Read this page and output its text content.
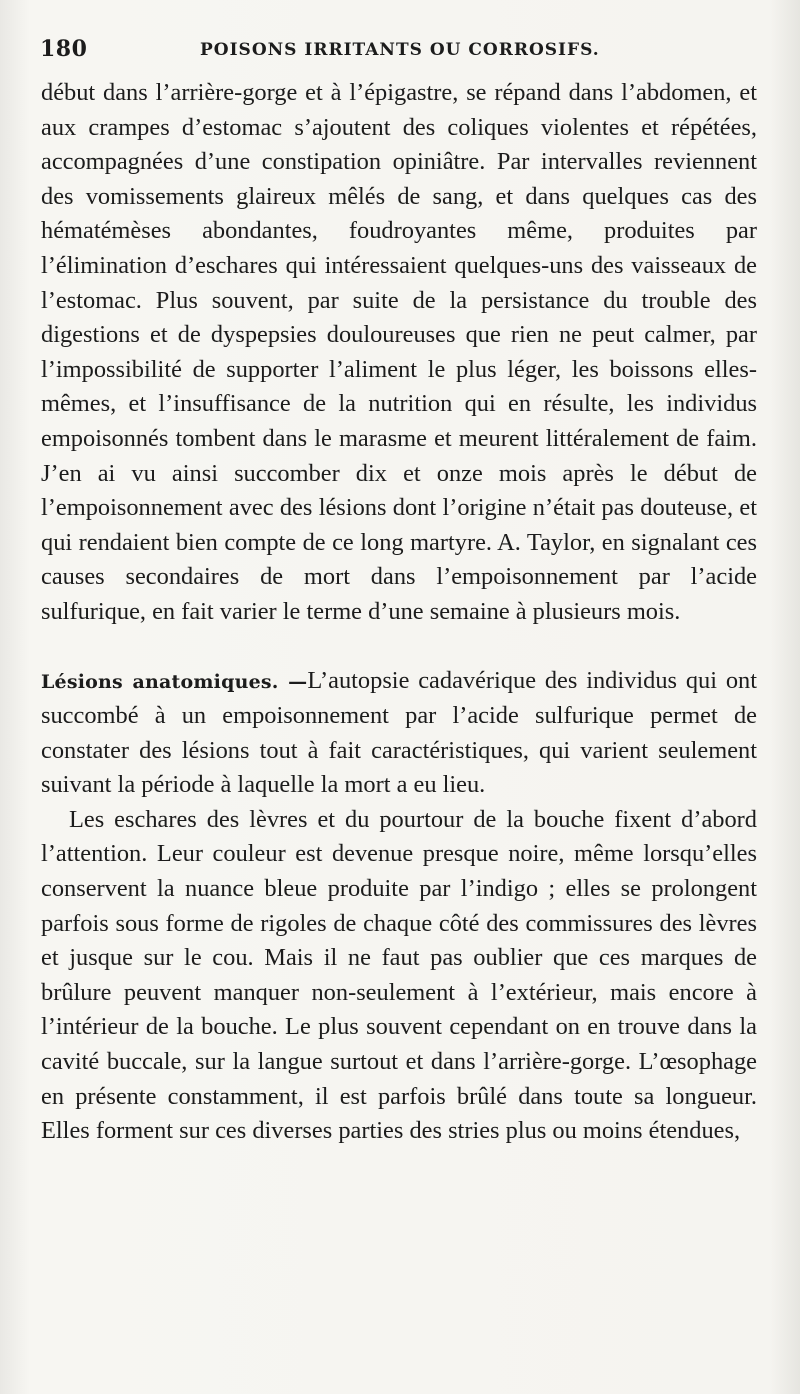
180	POISONS IRRITANTS OU CORROSIFS.

début dans l’arrière-gorge et à l’épigastre, se répand dans l’abdomen, et aux crampes d’estomac s’ajoutent des coliques violentes et répétées, accompagnées d’une constipation opiniâtre. Par intervalles reviennent des vomissements glaireux mêlés de sang, et dans quelques cas des hématémèses abondantes, foudroyantes même, produites par l’élimination d’eschares qui intéressaient quelques-uns des vaisseaux de l’estomac. Plus souvent, par suite de la persistance du trouble des digestions et de dyspepsies douloureuses que rien ne peut calmer, par l’impossibilité de supporter l’aliment le plus léger, les boissons elles-mêmes, et l’insuffisance de la nutrition qui en résulte, les individus empoisonnés tombent dans le marasme et meurent littéralement de faim. J’en ai vu ainsi succomber dix et onze mois après le début de l’empoisonnement avec des lésions dont l’origine n’était pas douteuse, et qui rendaient bien compte de ce long martyre. A. Taylor, en signalant ces causes secondaires de mort dans l’empoisonnement par l’acide sulfurique, en fait varier le terme d’une semaine à plusieurs mois.

Lésions anatomiques. —L’autopsie cadavérique des individus qui ont succombé à un empoisonnement par l’acide sulfurique permet de constater des lésions tout à fait caractéristiques, qui varient seulement suivant la période à laquelle la mort a eu lieu.

Les eschares des lèvres et du pourtour de la bouche fixent d’abord l’attention. Leur couleur est devenue presque noire, même lorsqu’elles conservent la nuance bleue produite par l’indigo ; elles se prolongent parfois sous forme de rigoles de chaque côté des commissures des lèvres et jusque sur le cou. Mais il ne faut pas oublier que ces marques de brûlure peuvent manquer non-seulement à l’extérieur, mais encore à l’intérieur de la bouche. Le plus souvent cependant on en trouve dans la cavité buccale, sur la langue surtout et dans l’arrière-gorge. L’œsophage en présente constamment, il est parfois brûlé dans toute sa longueur. Elles forment sur ces diverses parties des stries plus ou moins étendues,
